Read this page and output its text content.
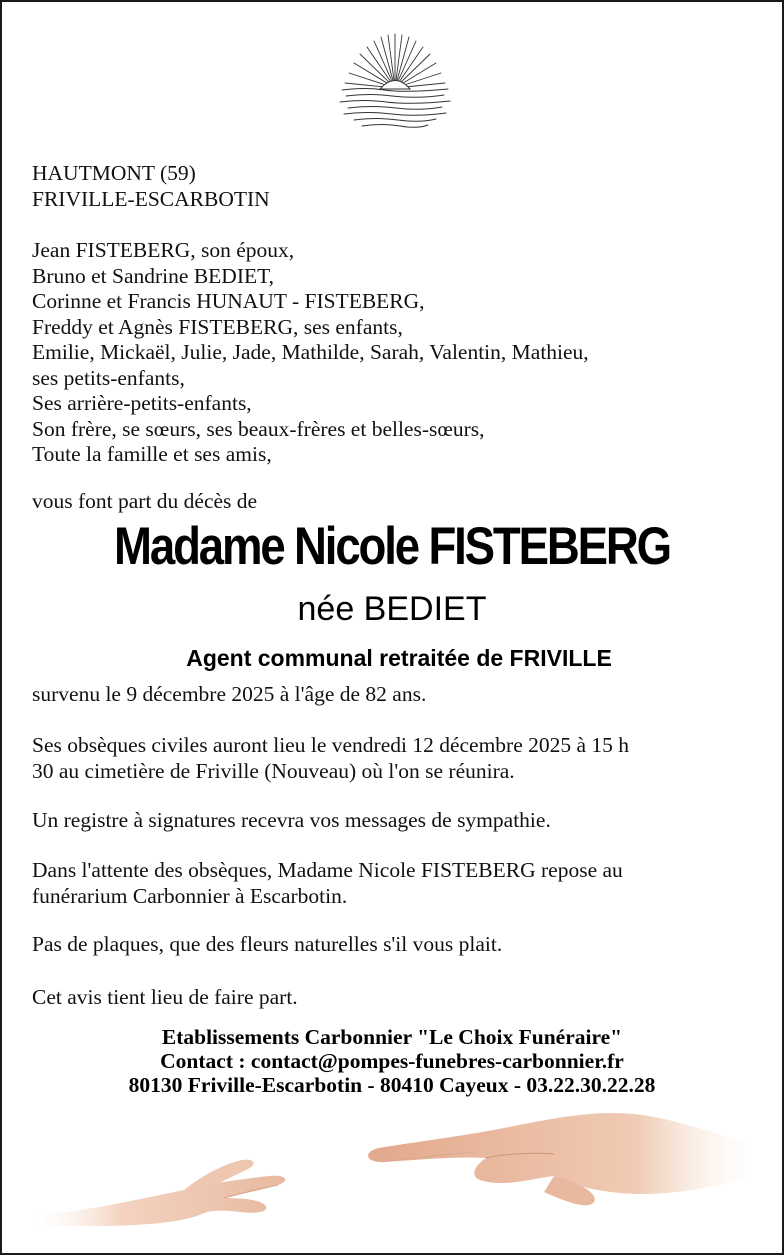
HAUTMONT (59)
FRIVILLE-ESCARBOTIN
Jean FISTEBERG, son époux,
Bruno et Sandrine BEDIET,
Corinne et Francis HUNAUT - FISTEBERG,
Freddy et Agnès FISTEBERG, ses enfants,
Emilie, Mickaël, Julie, Jade, Mathilde, Sarah, Valentin, Mathieu,
ses petits-enfants,
Ses arrière-petits-enfants,
Son frère, se sœurs, ses beaux-frères et belles-sœurs,
Toute la famille et ses amis,
vous font part du décès de
Madame Nicole FISTEBERG
née BEDIET
Agent communal retraitée de FRIVILLE
survenu le 9 décembre 2025 à l'âge de 82 ans.
Ses obsèques civiles auront lieu le vendredi 12 décembre 2025 à 15 h
30 au cimetière de Friville (Nouveau) où l'on se réunira.
Un registre à signatures recevra vos messages de sympathie.
Dans l'attente des obsèques, Madame Nicole FISTEBERG repose au
funérarium Carbonnier à Escarbotin.
Pas de plaques, que des fleurs naturelles s'il vous plait.
Cet avis tient lieu de faire part.
Etablissements Carbonnier "Le Choix Funéraire"
Contact : contact@pompes-funebres-carbonnier.fr
80130 Friville-Escarbotin - 80410 Cayeux - 03.22.30.22.28
